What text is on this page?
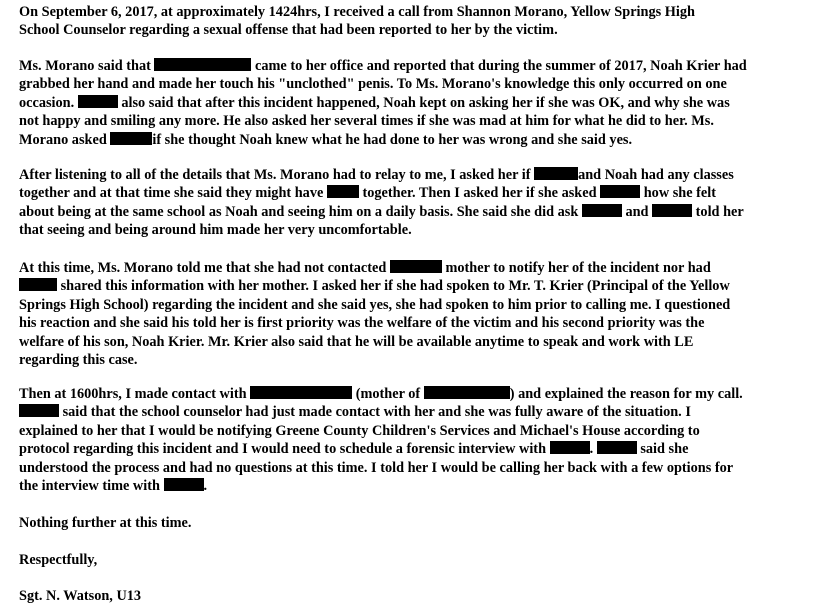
On September 6, 2017, at approximately 1424hrs, I received a call from Shannon Morano, Yellow Springs High
School Counselor regarding a sexual offense that had been reported to her by the victim.

Ms. Morano said that	came to her office and reported that during the summer of 2017, Noah Krier had
grabbed her hand and made her touch his "unclothed" penis. To Ms. Morano's knowledge this only occurred on one
occasion.	also said that after this incident happened, Noah kept on asking her if she was OK, and why she was
not happy and smiling any more. He also asked her several times if she was mad at him for what he did to her. Ms.
Morano asked	if she thought Noah knew what he had done to her was wrong and she said yes.

After listening to all of the details that Ms. Morano had to relay to me, I asked her if	and Noah had any classes
together and at that time she said they might have	together. Then I asked her if she asked	how she felt
about being at the same school as Noah and seeing him on a daily basis. She said she did ask	and	told her
that seeing and being around him made her very uncomfortable.

At this time, Ms. Morano told me that she had not contacted	mother to notify her of the incident nor had
shared this information with her mother. I asked her if she had spoken to Mr. T. Krier (Principal of the Yellow
Springs High School) regarding the incident and she said yes, she had spoken to him prior to calling me. I questioned
his reaction and she said his told her is first priority was the welfare of the victim and his second priority was the
welfare of his son, Noah Krier. Mr. Krier also said that he will be available anytime to speak and work with LE
regarding this case.

Then at 1600hrs, I made contact with	(mother of	) and explained the reason for my call.
said that the school counselor had just made contact with her and she was fully aware of the situation. I
explained to her that I would be notifying Greene County Children's Services and Michael's House according to
protocol regarding this incident and I would need to schedule a forensic interview with	.	said she
understood the process and had no questions at this time. I told her I would be calling her back with a few options for
the interview time with	.

Nothing further at this time.

Respectfully,

Sgt. N. Watson, U13
